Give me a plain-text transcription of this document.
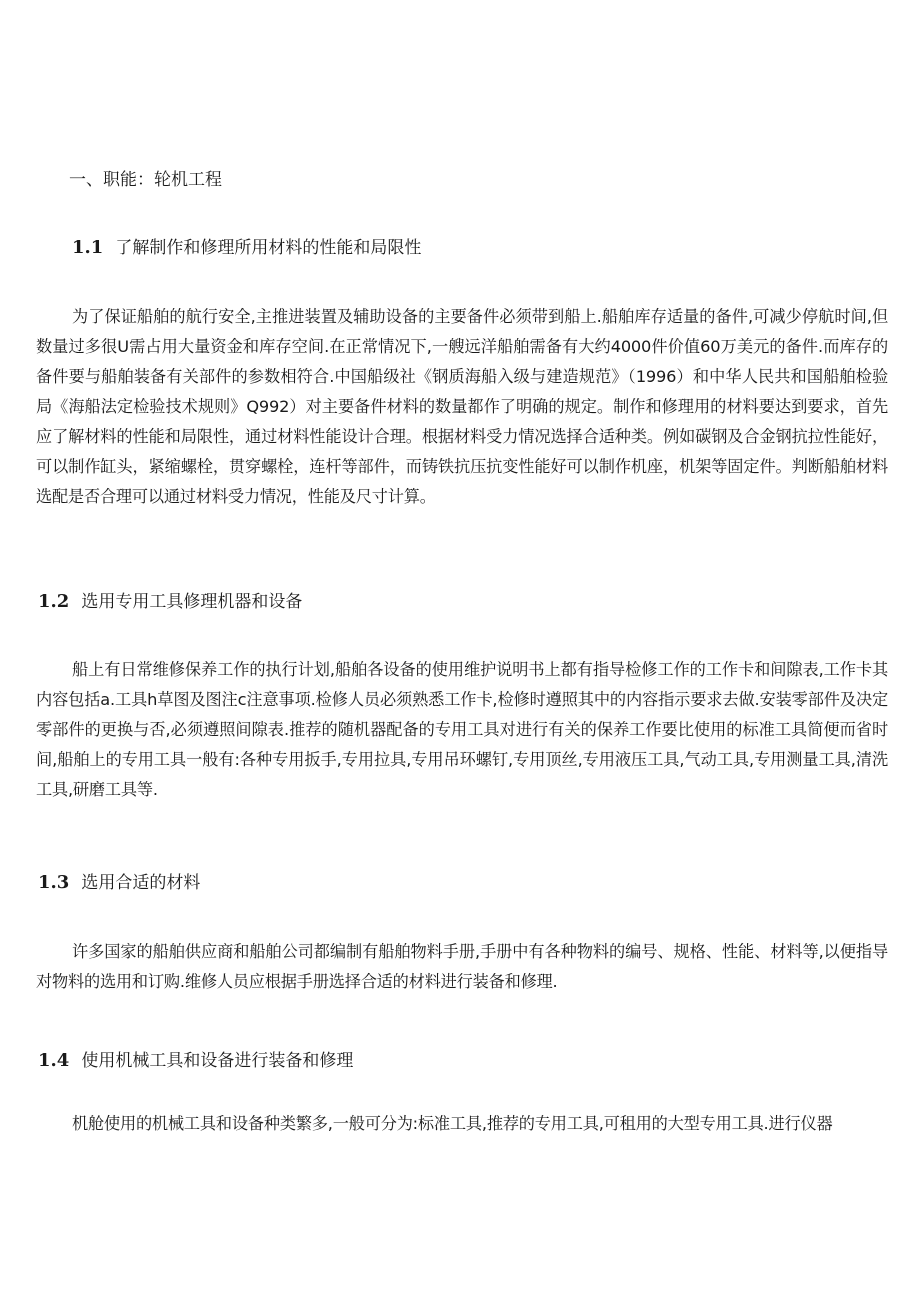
一、职能：轮机工程
1.1 了解制作和修理所用材料的性能和局限性

为了保证船舶的航行安全,主推进装置及辅助设备的主要备件必须带到船上.船舶库存适量的备件,可减少停航时间,但数量过多很U需占用大量资金和库存空间.在正常情况下,一艘远洋船舶需备有大约4000件价值60万美元的备件.而库存的备件要与船舶装备有关部件的参数相符合.中国船级社《钢质海船入级与建造规范》（1996）和中华人民共和国船舶检验局《海船法定检验技术规则》Q992）对主要备件材料的数量都作了明确的规定。制作和修理用的材料要达到要求，首先应了解材料的性能和局限性，通过材料性能设计合理。根据材料受力情况选择合适种类。例如碳钢及合金钢抗拉性能好，可以制作缸头，紧缩螺栓，贯穿螺栓，连杆等部件，而铸铁抗压抗变性能好可以制作机座，机架等固定件。判断船舶材料选配是否合理可以通过材料受力情况，性能及尺寸计算。

1.2 选用专用工具修理机器和设备

船上有日常维修保养工作的执行计划,船舶各设备的使用维护说明书上都有指导检修工作的工作卡和间隙表,工作卡其内容包括a.工具h草图及图注c注意事项.检修人员必须熟悉工作卡,检修时遵照其中的内容指示要求去做.安装零部件及决定零部件的更换与否,必须遵照间隙表.推荐的随机器配备的专用工具对进行有关的保养工作要比使用的标准工具简便而省时间,船舶上的专用工具一般有:各种专用扳手,专用拉具,专用吊环螺钉,专用顶丝,专用液压工具,气动工具,专用测量工具,清洗工具,研磨工具等.

1.3 选用合适的材料

许多国家的船舶供应商和船舶公司都编制有船舶物料手册,手册中有各种物料的编号、规格、性能、材料等,以便指导对物料的选用和订购.维修人员应根据手册选择合适的材料进行装备和修理.

1.4 使用机械工具和设备进行装备和修理

机舱使用的机械工具和设备种类繁多,一般可分为:标准工具,推荐的专用工具,可租用的大型专用工具.进行仪器
